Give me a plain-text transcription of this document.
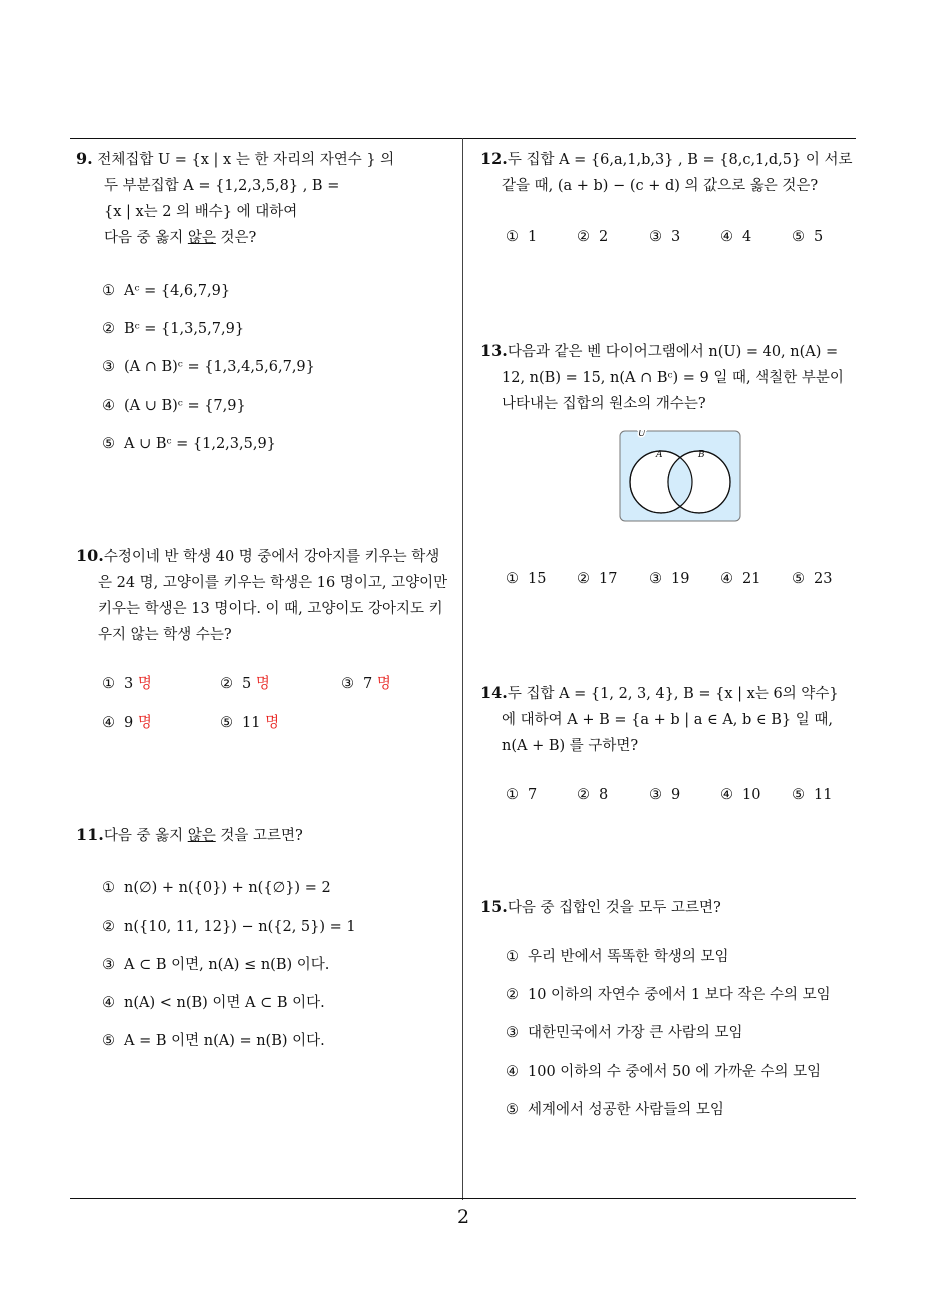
9. 전체집합 U = {x | x 는 한 자리의 자연수 } 의
두 부분집합 A = {1,2,3,5,8} , B =
{x | x는 2 의 배수} 에 대하여
다음 중 옳지 않은 것은?
① Aᶜ = {4,6,7,9}
② Bᶜ = {1,3,5,7,9}
③ (A ∩ B)ᶜ = {1,3,4,5,6,7,9}
④ (A ∪ B)ᶜ = {7,9}
⑤ A ∪ Bᶜ = {1,2,3,5,9}
10.수정이네 반 학생 40 명 중에서 강아지를 키우는 학생
은 24 명, 고양이를 키우는 학생은 16 명이고, 고양이만
키우는 학생은 13 명이다. 이 때, 고양이도 강아지도 키
우지 않는 학생 수는?
① 3 명	② 5 명	③ 7 명
④ 9 명	⑤ 11 명
11.다음 중 옳지 않은 것을 고르면?
① n(∅) + n({0}) + n({∅}) = 2
② n({10, 11, 12}) − n({2, 5}) = 1
③ A ⊂ B 이면, n(A) ≤ n(B) 이다.
④ n(A) < n(B) 이면 A ⊂ B 이다.
⑤ A = B 이면 n(A) = n(B) 이다.
12.두 집합 A = {6,a,1,b,3} , B = {8,c,1,d,5} 이 서로
같을 때, (a + b) − (c + d) 의 값으로 옳은 것은?
① 1	② 2	③ 3	④ 4	⑤ 5
13.다음과 같은 벤 다이어그램에서 n(U) = 40, n(A) =
12, n(B) = 15, n(A ∩ Bᶜ) = 9 일 때, 색칠한 부분이
나타내는 집합의 원소의 개수는?
U
A	B
① 15 ② 17 ③ 19 ④ 21 ⑤ 23
14.두 집합 A = {1, 2, 3, 4}, B = {x | x는 6의 약수}
에 대하여 A + B = {a + b | a ∈ A, b ∈ B} 일 때,
n(A + B) 를 구하면?
① 7	② 8	③ 9	④ 10 ⑤ 11
15.다음 중 집합인 것을 모두 고르면?
① 우리 반에서 똑똑한 학생의 모임
② 10 이하의 자연수 중에서 1 보다 작은 수의 모임
③ 대한민국에서 가장 큰 사람의 모임
④ 100 이하의 수 중에서 50 에 가까운 수의 모임
⑤ 세계에서 성공한 사람들의 모임
2
